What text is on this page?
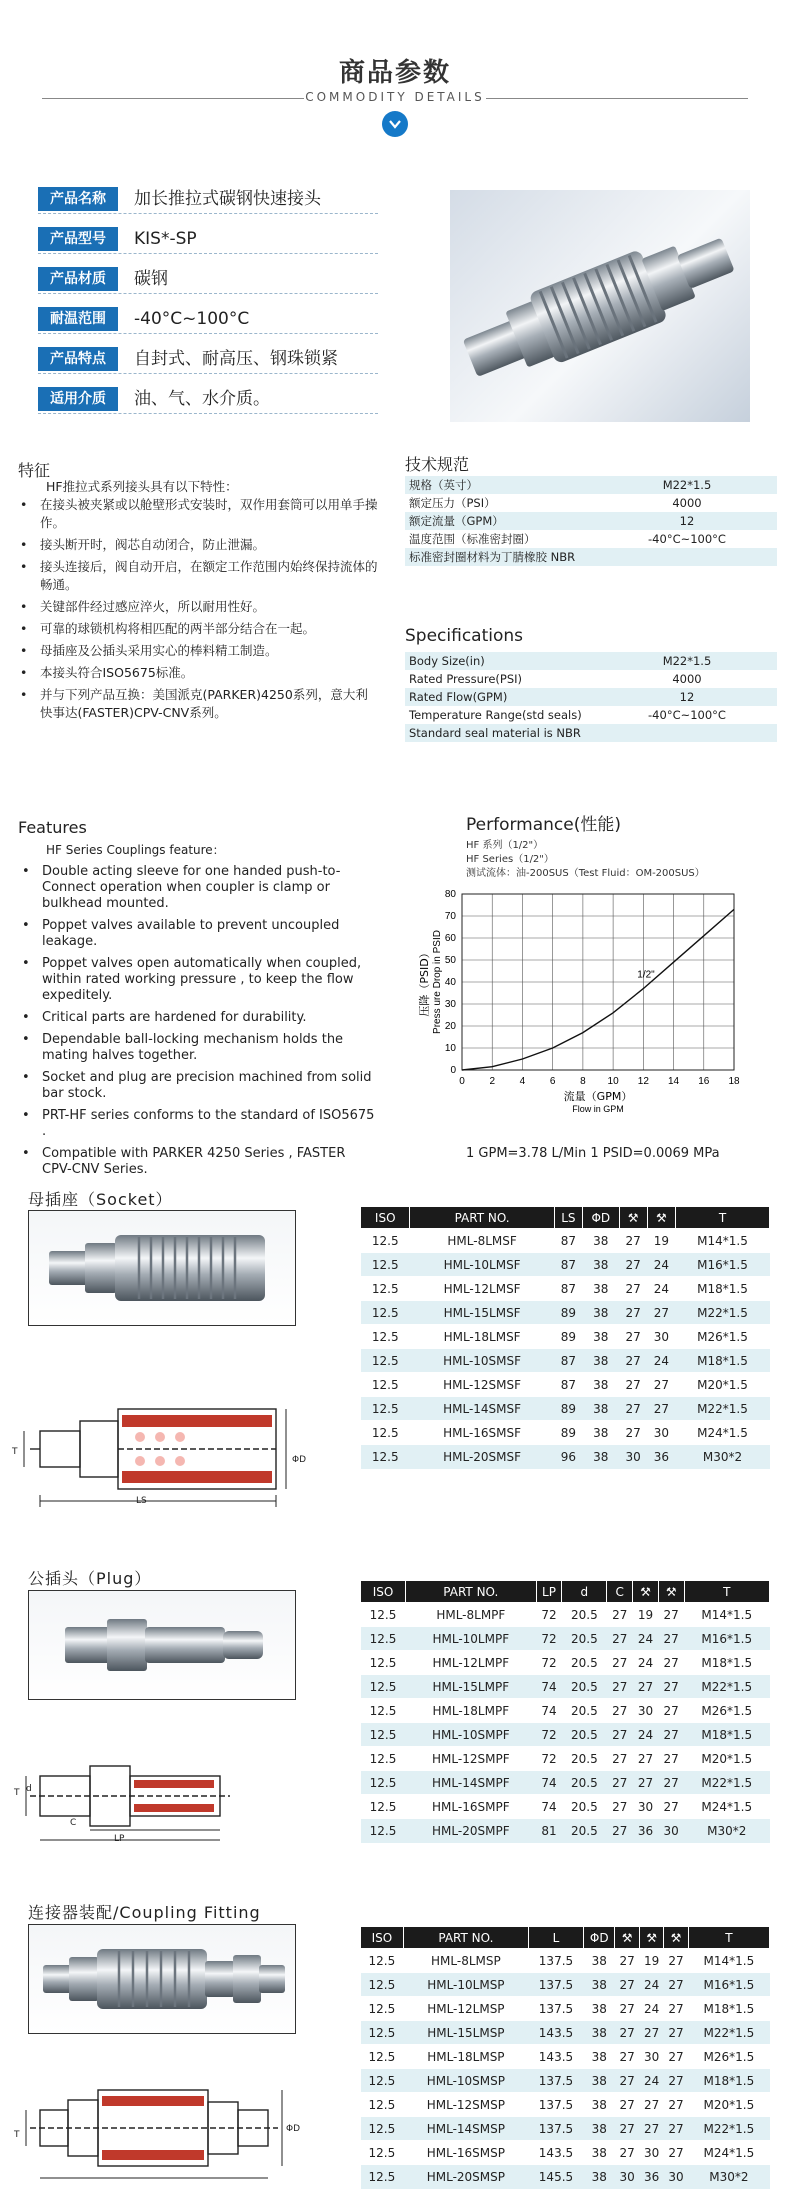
商品参数
COMMODITY DETAILS
产品名称	加长推拉式碳钢快速接头
产品型号	KIS*-SP
产品材质	碳钢
耐温范围	-40°C~100°C
产品特点	自封式、耐高压、钢珠锁紧
适用介质	油、气、水介质。
特征
HF推拉式系列接头具有以下特性：
• 在接头被夹紧或以舱壁形式安装时，双作用套筒可以用单手操作。
• 接头断开时，阀芯自动闭合，防止泄漏。
• 接头连接后，阀自动开启，在额定工作范围内始终保持流体的畅通。
• 关键部件经过感应淬火，所以耐用性好。
• 可靠的球锁机构将相匹配的两半部分结合在一起。
• 母插座及公插头采用实心的棒料精工制造。
• 本接头符合ISO5675标准。
• 并与下列产品互换：美国派克(PARKER)4250系列，意大利快事达(FASTER)CPV-CNV系列。
技术规范
规格（英寸）	M22*1.5
额定压力（PSI）	4000
额定流量（GPM）	12
温度范围（标准密封圈）	-40°C~100°C
标准密封圈材料为丁腈橡胶 NBR	
Specifications
Body Size(in)	M22*1.5
Rated Pressure(PSI)	4000
Rated Flow(GPM)	12
Temperature Range(std seals)	-40°C~100°C
Standard seal material is NBR	
Features
HF Series Couplings feature：
• Double acting sleeve for one handed push-to-Connect operation when coupler is clamp or bulkhead mounted.
• Poppet valves available to prevent uncoupled leakage.
• Poppet valves open automatically when coupled, within rated working pressure , to keep the flow expeditely.
• Critical parts are hardened for durability.
• Dependable ball-locking mechanism holds the mating halves together.
• Socket and plug are precision machined from solid bar stock.
• PRT-HF series conforms to the standard of ISO5675 .
• Compatible with PARKER 4250 Series , FASTER CPV-CNV Series.
Performance(性能)
HF 系列（1/2"）
HF Series（1/2"）
测试流体：油-200SUS（Test Fluid：OM-200SUS）
0 2 4 6 8 10 12 14 16 18
0
10
20
30
40
50
60
70
80
1/2"
流量（GPM）
Flow in GPM
压降（PSID） Press ure Drop in PSID
1 GPM=3.78 L/Min 1 PSID=0.0069 MPa
母插座（Socket）
T
ΦD
LS
ISO	PART NO.	LS	ΦD	⚒	⚒	T
12.5	HML-8LMSF	87	38	27	19	M14*1.5
12.5	HML-10LMSF	87	38	27	24	M16*1.5
12.5	HML-12LMSF	87	38	27	24	M18*1.5
12.5	HML-15LMSF	89	38	27	27	M22*1.5
12.5	HML-18LMSF	89	38	27	30	M26*1.5
12.5	HML-10SMSF	87	38	27	24	M18*1.5
12.5	HML-12SMSF	87	38	27	27	M20*1.5
12.5	HML-14SMSF	89	38	27	27	M22*1.5
12.5	HML-16SMSF	89	38	27	30	M24*1.5
12.5	HML-20SMSF	96	38	30	36	M30*2
公插头（Plug）
T d
C
LP
ISO	PART NO.	LP	d	C	⚒	⚒	T
12.5	HML-8LMPF	72	20.5	27	19	27	M14*1.5
12.5	HML-10LMPF	72	20.5	27	24	27	M16*1.5
12.5	HML-12LMPF	72	20.5	27	24	27	M18*1.5
12.5	HML-15LMPF	74	20.5	27	27	27	M22*1.5
12.5	HML-18LMPF	74	20.5	27	30	27	M26*1.5
12.5	HML-10SMPF	72	20.5	27	24	27	M18*1.5
12.5	HML-12SMPF	72	20.5	27	27	27	M20*1.5
12.5	HML-14SMPF	74	20.5	27	27	27	M22*1.5
12.5	HML-16SMPF	74	20.5	27	30	27	M24*1.5
12.5	HML-20SMPF	81	20.5	27	36	30	M30*2
连接器装配/Coupling Fitting
T
ΦD
ISO	PART NO.	L	ΦD	⚒	⚒	⚒	T
12.5	HML-8LMSP	137.5	38	27	19	27	M14*1.5
12.5	HML-10LMSP	137.5	38	27	24	27	M16*1.5
12.5	HML-12LMSP	137.5	38	27	24	27	M18*1.5
12.5	HML-15LMSP	143.5	38	27	27	27	M22*1.5
12.5	HML-18LMSP	143.5	38	27	30	27	M26*1.5
12.5	HML-10SMSP	137.5	38	27	24	27	M18*1.5
12.5	HML-12SMSP	137.5	38	27	27	27	M20*1.5
12.5	HML-14SMSP	137.5	38	27	27	27	M22*1.5
12.5	HML-16SMSP	143.5	38	27	30	27	M24*1.5
12.5	HML-20SMSP	145.5	38	30	36	30	M30*2
